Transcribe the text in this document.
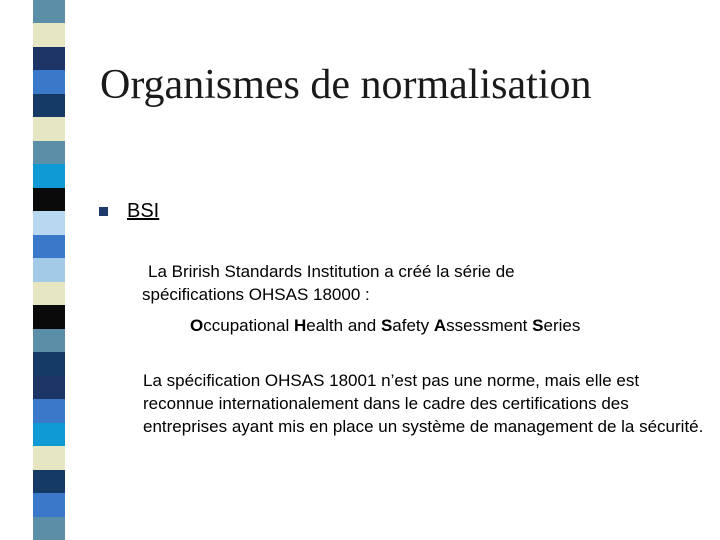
Organismes de normalisation
BSI

La Brirish Standards Institution a créé la série de spécifications OHSAS 18000 :

Occupational Health and Safety Assessment Series

La spécification OHSAS 18001 n’est pas une norme, mais elle est reconnue internationalement dans le cadre des certifications des entreprises ayant mis en place un système de management de la sécurité.
